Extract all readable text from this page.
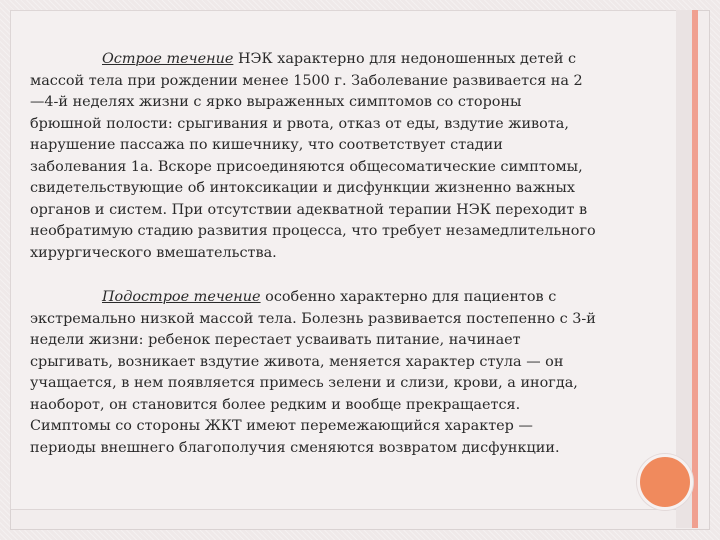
Острое течение НЭК характерно для недоношенных детей с
массой тела при рождении менее 1500 г. Заболевание развивается на 2
—4-й неделях жизни с ярко выраженных симптомов со стороны
брюшной полости: срыгивания и рвота, отказ от еды, вздутие живота,
нарушение пассажа по кишечнику, что соответствует стадии
заболевания 1а. Вскоре присоединяются общесоматические симптомы,
свидетельствующие об интоксикации и дисфункции жизненно важных
органов и систем. При отсутствии адекватной терапии НЭК переходит в
необратимую стадию развития процесса, что требует незамедлительного
хирургического вмешательства.
Подострое течение особенно характерно для пациентов с
экстремально низкой массой тела. Болезнь развивается постепенно с 3-й
недели жизни: ребенок перестает усваивать питание, начинает
срыгивать, возникает вздутие живота, меняется характер стула — он
учащается, в нем появляется примесь зелени и слизи, крови, а иногда,
наоборот, он становится более редким и вообще прекращается.
Симптомы со стороны ЖКТ имеют перемежающийся характер —
периоды внешнего благополучия сменяются возвратом дисфункции.
